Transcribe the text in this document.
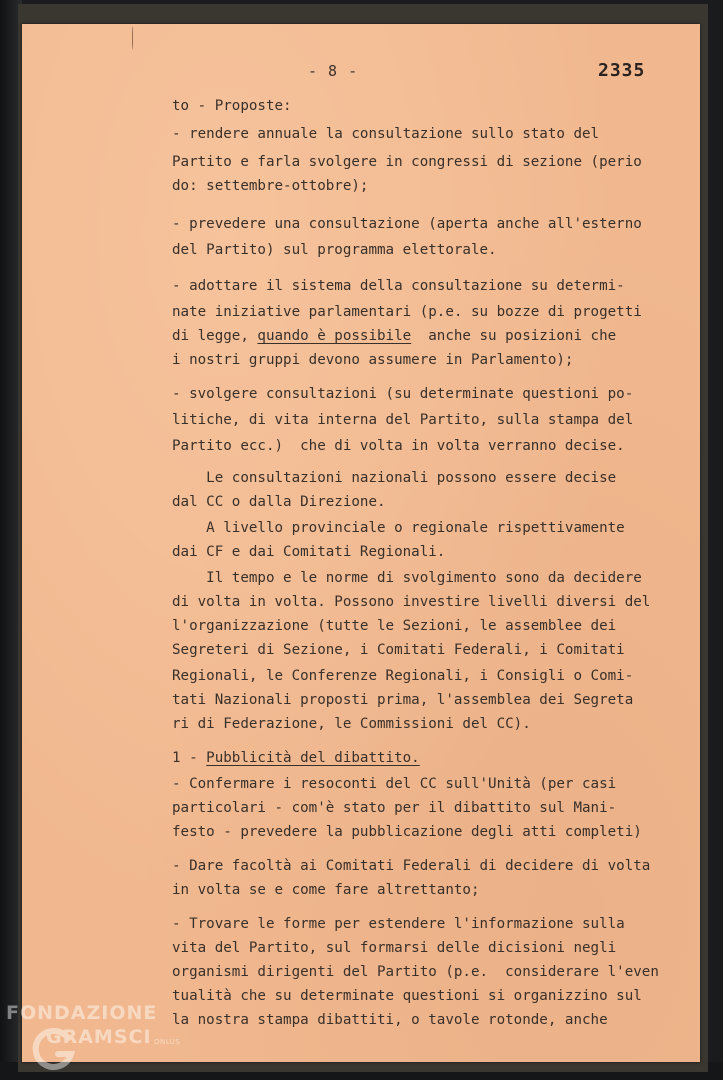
- 8 -	2335

to - Proposte:

- rendere annuale la consultazione sullo stato del

Partito e farla svolgere in congressi di sezione (perio

do: settembre-ottobre);

- prevedere una consultazione (aperta anche all'esterno

del Partito) sul programma elettorale.

- adottare il sistema della consultazione su determi-

nate iniziative parlamentari (p.e. su bozze di progetti

di legge, quando è possibile  anche su posizioni che

i nostri gruppi devono assumere in Parlamento);

- svolgere consultazioni (su determinate questioni po-

litiche, di vita interna del Partito, sulla stampa del

Partito ecc.)  che di volta in volta verranno decise.

Le consultazioni nazionali possono essere decise

dal CC o dalla Direzione.

A livello provinciale o regionale rispettivamente

dai CF e dai Comitati Regionali.

Il tempo e le norme di svolgimento sono da decidere

di volta in volta. Possono investire livelli diversi del

l'organizzazione (tutte le Sezioni, le assemblee dei

Segreteri di Sezione, i Comitati Federali, i Comitati

Regionali, le Conferenze Regionali, i Consigli o Comi-

tati Nazionali proposti prima, l'assemblea dei Segreta

ri di Federazione, le Commissioni del CC).

1 - Pubblicità del dibattito.

- Confermare i resoconti del CC sull'Unità (per casi

particolari - com'è stato per il dibattito sul Mani-

festo - prevedere la pubblicazione degli atti completi)

- Dare facoltà ai Comitati Federali di decidere di volta

in volta se e come fare altrettanto;

- Trovare le forme per estendere l'informazione sulla

vita del Partito, sul formarsi delle dicisioni negli

organismi dirigenti del Partito (p.e.  considerare l'even

tualità che su determinate questioni si organizzino sul

la nostra stampa dibattiti, o tavole rotonde, anche

FONDAZIONE
GRAMSCI ONLUS
